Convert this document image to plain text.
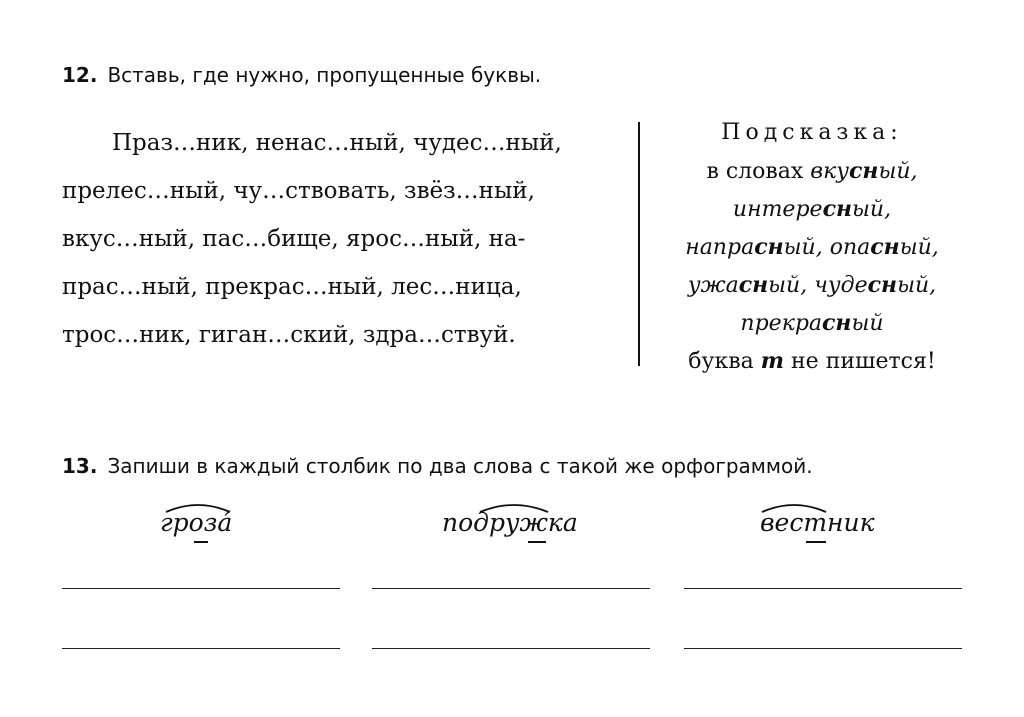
12. Вставь, где нужно, пропущенные буквы.
Праз…ник, ненас…ный, чудес…ный,
прелес…ный, чу…ствовать, звёз…ный,
вкус…ный, пас…бище, ярос…ный, на-
прас…ный, прекрас…ный, лес…ница,
трос…ник, гиган…ский, здра…ствуй.
Подсказка:
в словах вкусный,
интересный,
напрасный, опасный,
ужасный, чудесный,
прекрасный
буква т не пишется!
13. Запиши в каждый столбик по два слова с такой же орфограммой.
гроза́	подружка	вестник
